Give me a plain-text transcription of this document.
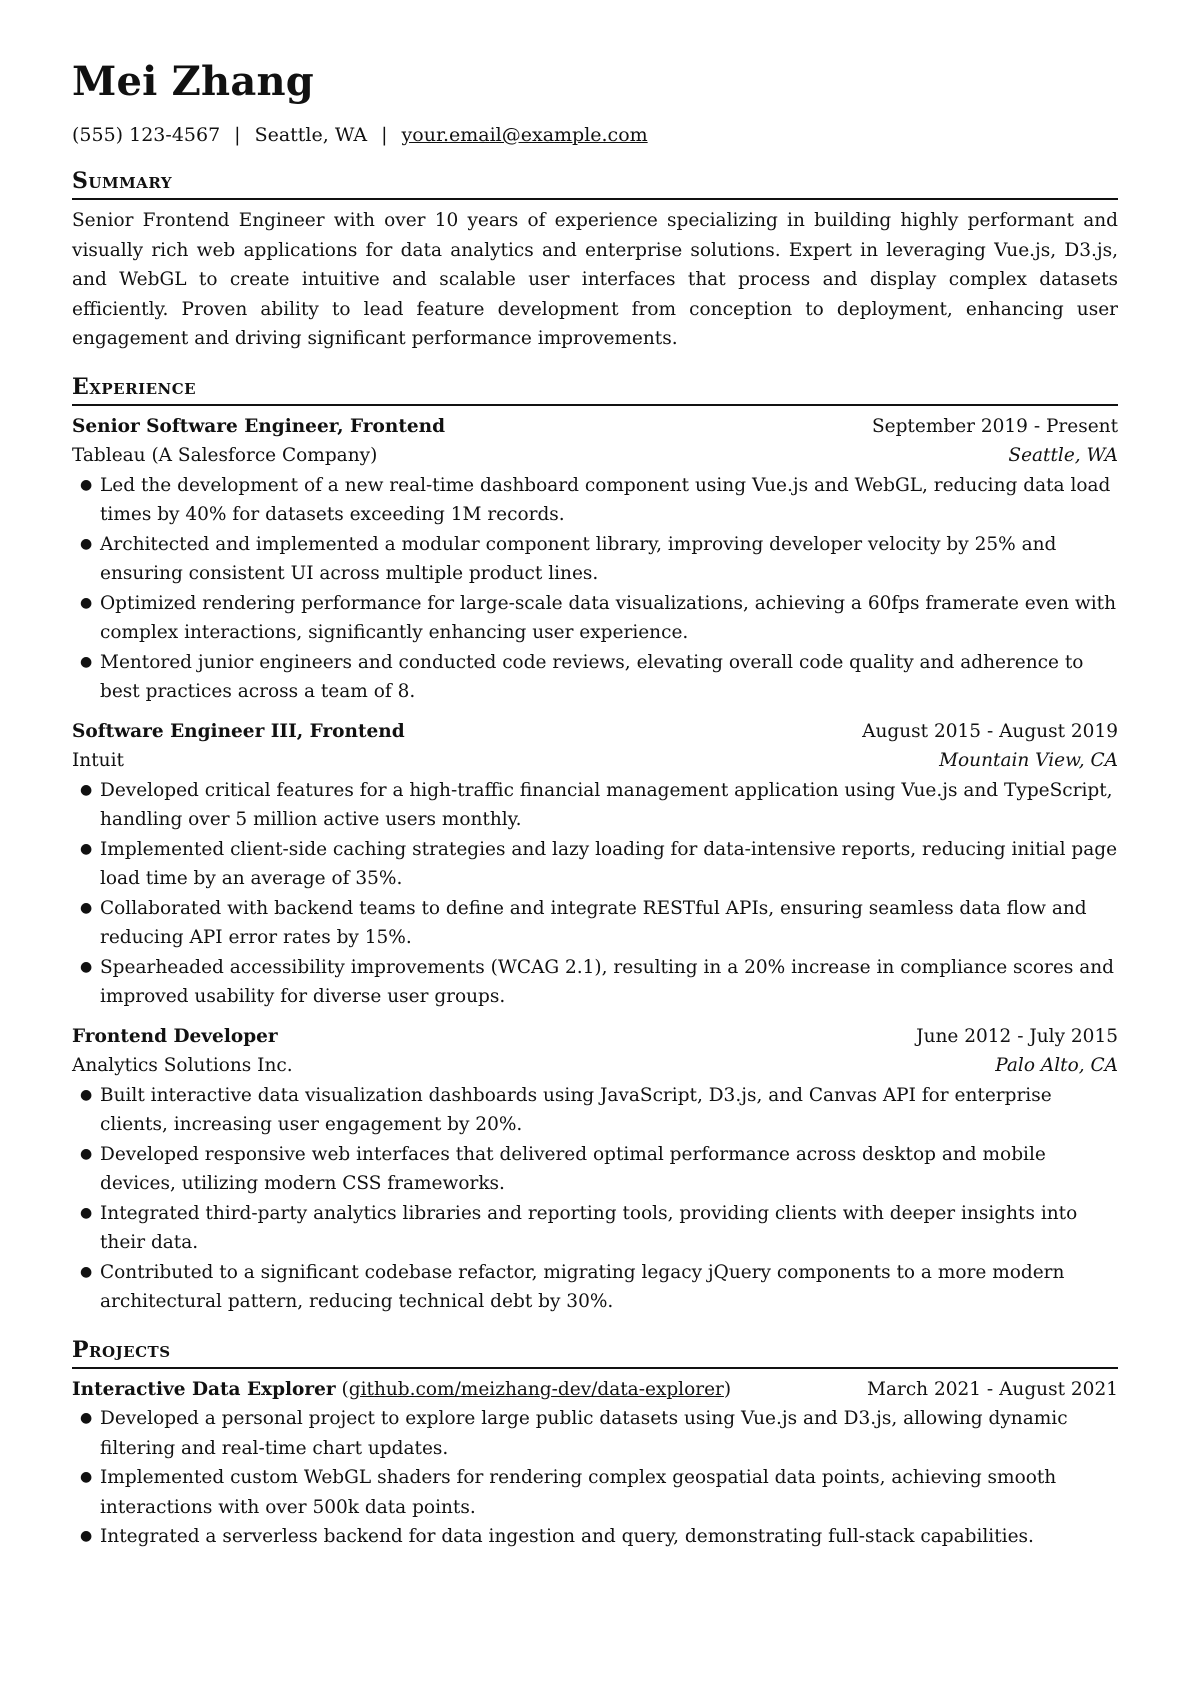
Mei Zhang
(555) 123-4567 | Seattle, WA | your.email@example.com
Summary

Senior Frontend Engineer with over 10 years of experience specializing in building highly performant and visually rich web applications for data analytics and enterprise solutions. Expert in leveraging Vue.js, D3.js, and WebGL to create intuitive and scalable user interfaces that process and display complex datasets efficiently. Proven ability to lead feature development from conception to deployment, enhancing user engagement and driving significant performance improvements.

Experience
Senior Software Engineer, Frontend	September 2019 - Present
Tableau (A Salesforce Company)	Seattle, WA
● Led the development of a new real-time dashboard component using Vue.js and WebGL, reducing data load times by 40% for datasets exceeding 1M records.
● Architected and implemented a modular component library, improving developer velocity by 25% and ensuring consistent UI across multiple product lines.
● Optimized rendering performance for large-scale data visualizations, achieving a 60fps framerate even with complex interactions, significantly enhancing user experience.
● Mentored junior engineers and conducted code reviews, elevating overall code quality and adherence to best practices across a team of 8.
Software Engineer III, Frontend	August 2015 - August 2019
Intuit	Mountain View, CA
● Developed critical features for a high-traffic financial management application using Vue.js and TypeScript, handling over 5 million active users monthly.
● Implemented client-side caching strategies and lazy loading for data-intensive reports, reducing initial page load time by an average of 35%.
● Collaborated with backend teams to define and integrate RESTful APIs, ensuring seamless data flow and reducing API error rates by 15%.
● Spearheaded accessibility improvements (WCAG 2.1), resulting in a 20% increase in compliance scores and improved usability for diverse user groups.
Frontend Developer	June 2012 - July 2015
Analytics Solutions Inc.	Palo Alto, CA
● Built interactive data visualization dashboards using JavaScript, D3.js, and Canvas API for enterprise clients, increasing user engagement by 20%.
● Developed responsive web interfaces that delivered optimal performance across desktop and mobile devices, utilizing modern CSS frameworks.
● Integrated third-party analytics libraries and reporting tools, providing clients with deeper insights into their data.
● Contributed to a significant codebase refactor, migrating legacy jQuery components to a more modern architectural pattern, reducing technical debt by 30%.
Projects
Interactive Data Explorer (github.com/meizhang-dev/data-explorer)	March 2021 - August 2021
● Developed a personal project to explore large public datasets using Vue.js and D3.js, allowing dynamic filtering and real-time chart updates.
● Implemented custom WebGL shaders for rendering complex geospatial data points, achieving smooth interactions with over 500k data points.
● Integrated a serverless backend for data ingestion and query, demonstrating full-stack capabilities.
